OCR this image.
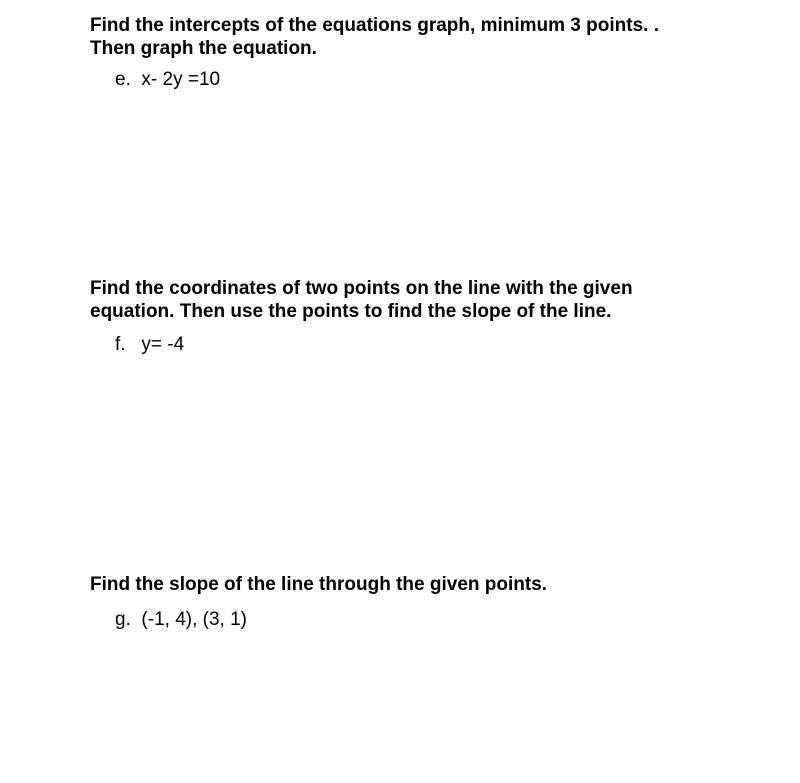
Find the intercepts of the equations graph, minimum 3 points. .
Then graph the equation.

e. x- 2y =10

Find the coordinates of two points on the line with the given
equation. Then use the points to find the slope of the line.

f. y= -4

Find the slope of the line through the given points.

g. (-1, 4), (3, 1)
